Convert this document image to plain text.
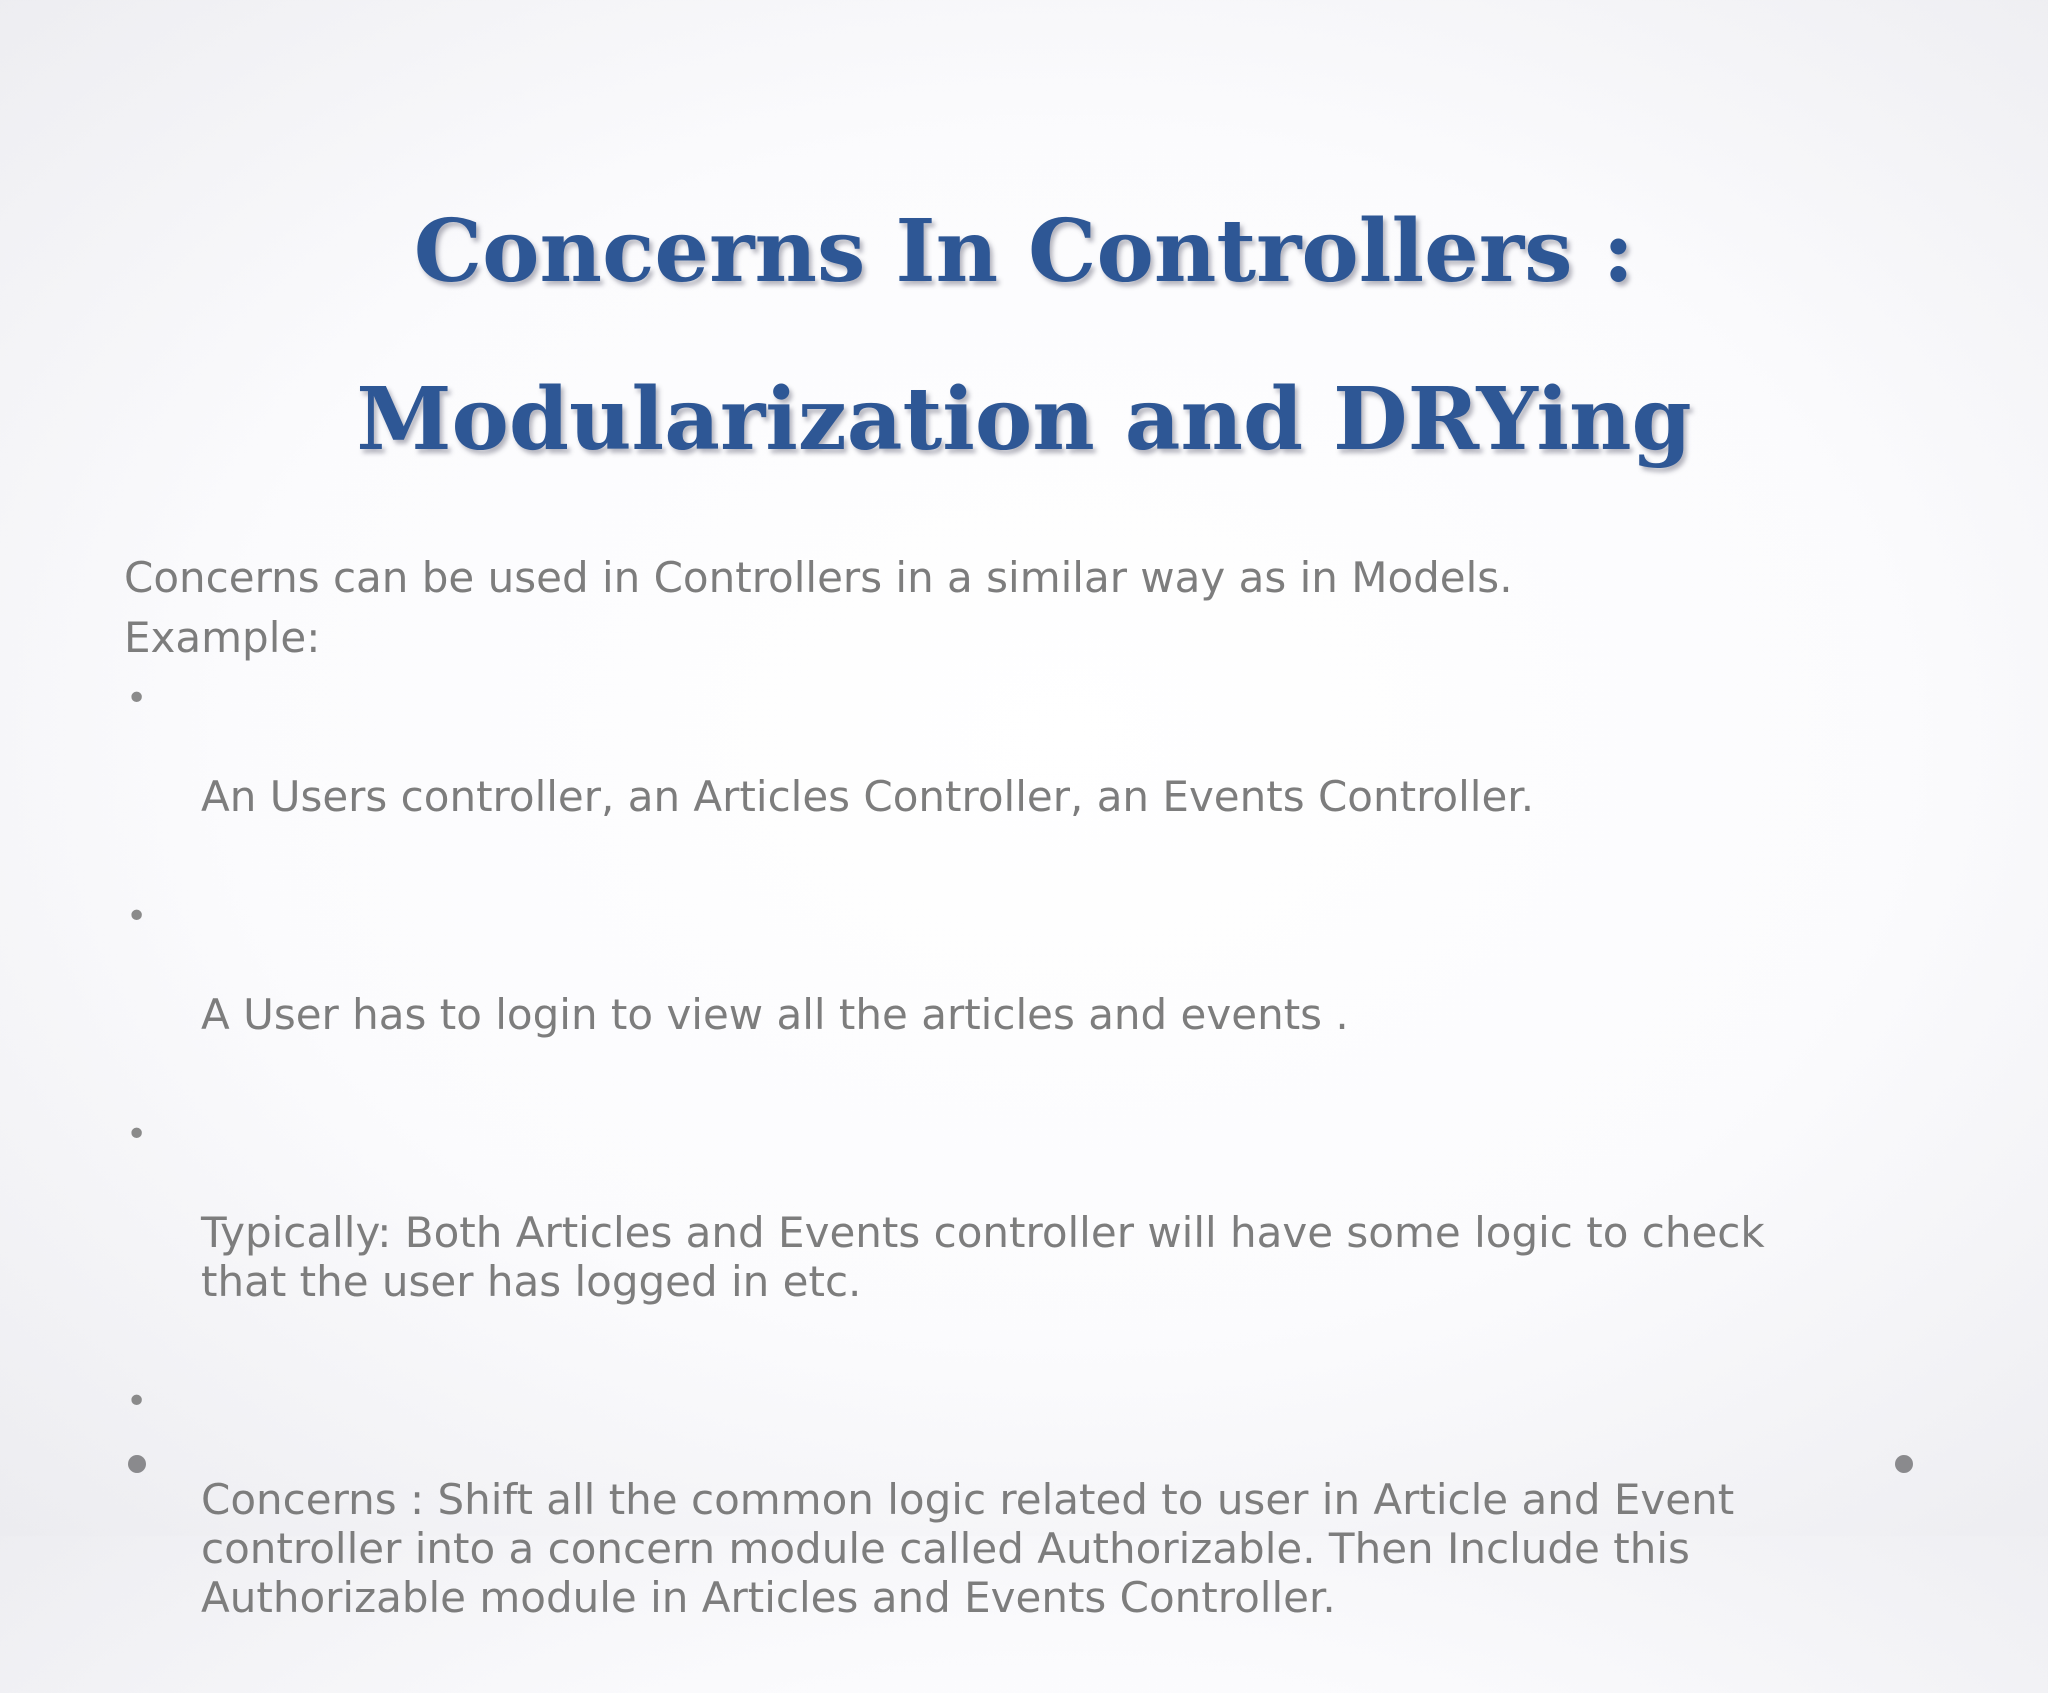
Concerns In Controllers :
Modularization and DRYing

Concerns can be used in Controllers in a similar way as in Models.

Example:

•

An Users controller, an Articles Controller, an Events Controller.

•

A User has to login to view all the articles and events .

•

Typically: Both Articles and Events controller will have some logic to check
that the user has logged in etc.

•

Concerns : Shift all the common logic related to user in Article and Event
controller into a concern module called Authorizable. Then Include this
Authorizable module in Articles and Events Controller.
